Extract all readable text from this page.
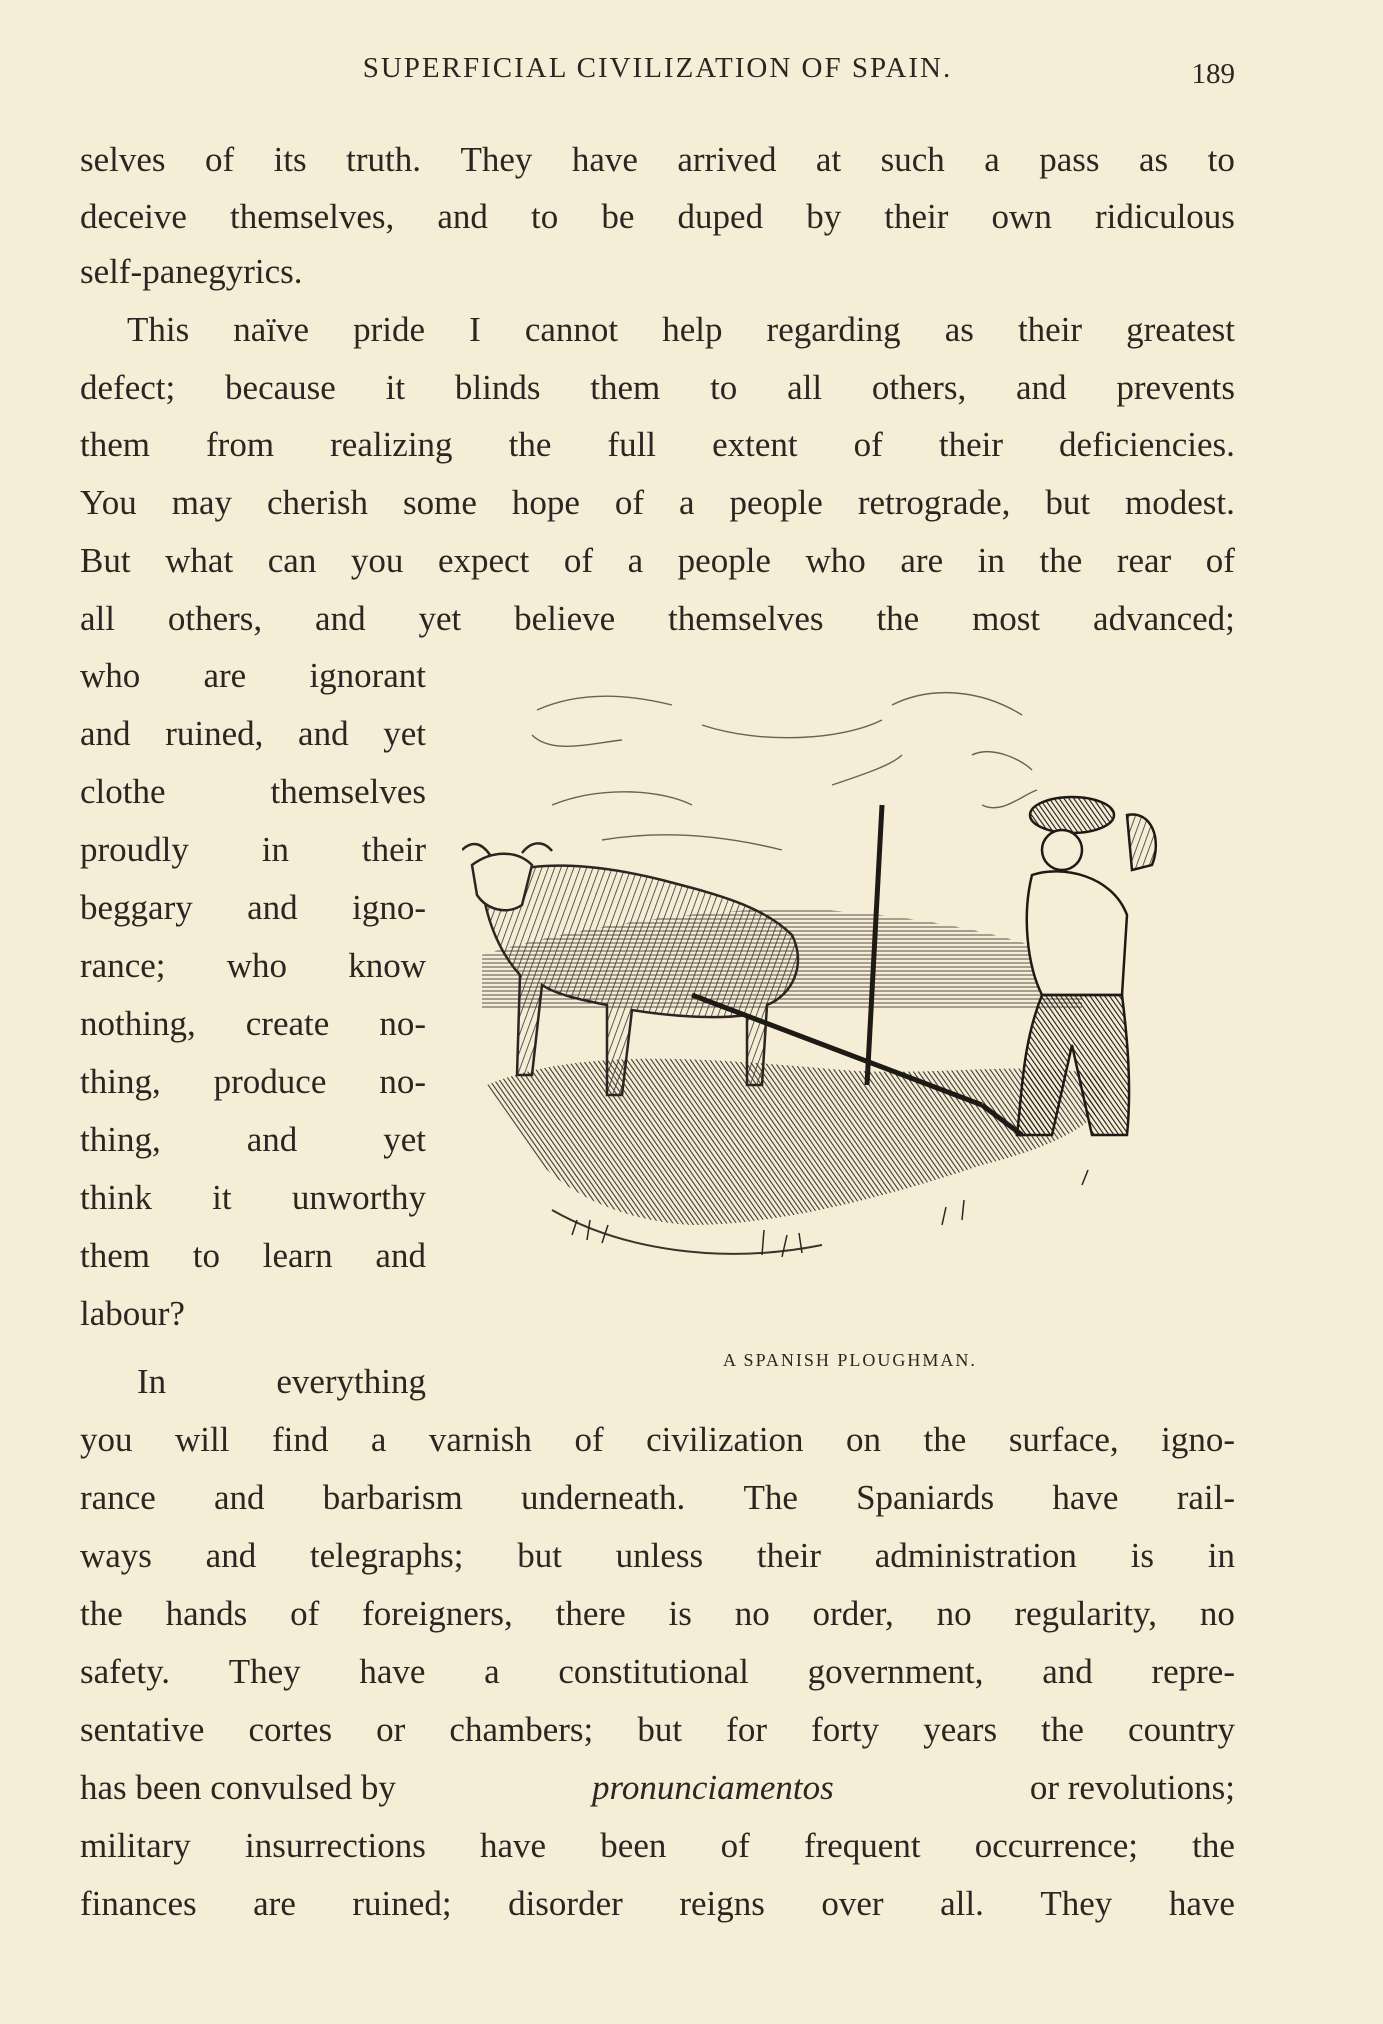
SUPERFICIAL CIVILIZATION OF SPAIN.	189
selves of its truth. They have arrived at such a pass as to
deceive themselves, and to be duped by their own ridiculous
self-panegyrics.
This naïve pride I cannot help regarding as their greatest
defect; because it blinds them to all others, and prevents
them from realizing the full extent of their deficiencies.
You may cherish some hope of a people retrograde, but modest.
But what can you expect of a people who are in the rear of
all others, and yet believe themselves the most advanced;
who are ignorant
and ruined, and yet
clothe	themselves
proudly in their
beggary and igno-
rance; who know
nothing, create no-
thing, produce no-
thing, and yet
think it unworthy
them to learn and
labour?
In	everything
A SPANISH PLOUGHMAN.
you will find a varnish of civilization on the surface, igno-
rance and barbarism underneath. The Spaniards have rail-
ways and telegraphs; but unless their administration is in
the hands of foreigners, there is no order, no regularity, no
safety. They have a constitutional government, and repre-
sentative cortes or chambers; but for forty years the country
has been convulsed by	pronunciamentos	or revolutions;
military insurrections have been of frequent occurrence; the
finances are ruined; disorder reigns over all. They have
